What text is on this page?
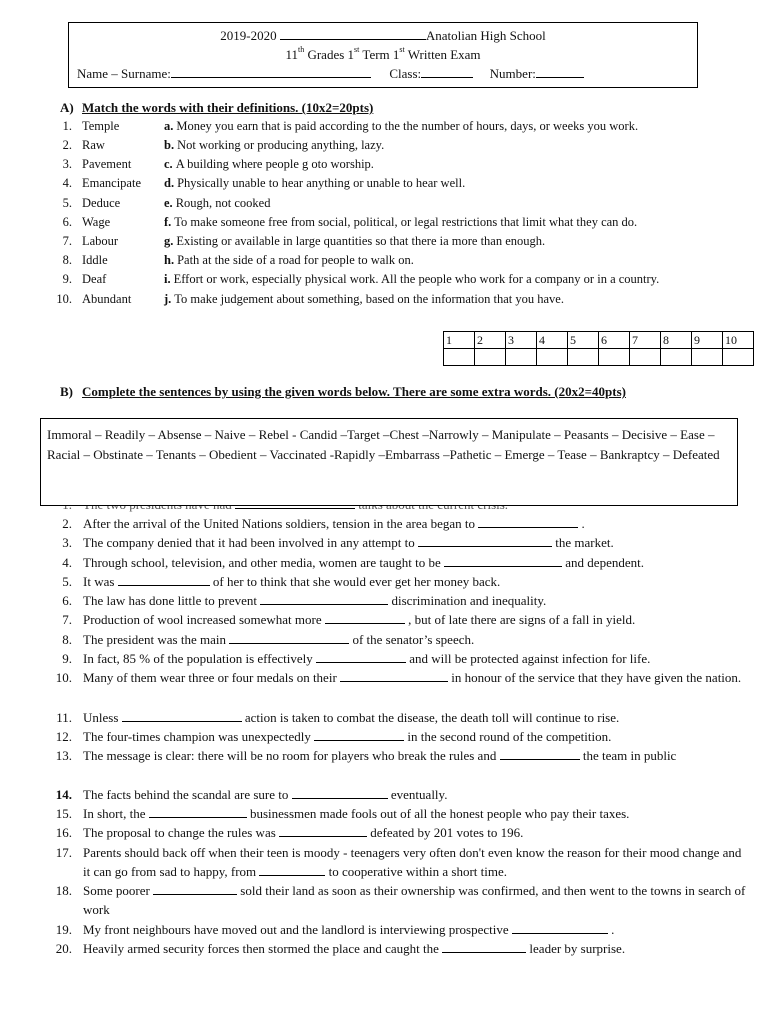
2019-2020	Anatolian High School
11th Grades 1st Term 1st Written Exam
Name – Surname:	Class:	Number:
A) Match the words with their definitions. (10x2=20pts)
1. Temple	a. Money you earn that is paid according to the the number of hours, days, or weeks you work.
2. Raw	b. Not working or producing anything, lazy.
3. Pavement	c. A building where people g oto worship.
4. Emancipate d. Physically unable to hear anything or unable to hear well.
5. Deduce	e. Rough, not cooked
6. Wage	f. To make someone free from social, political, or legal restrictions that limit what they can do.
7. Labour	g. Existing or available in large quantities so that there ia more than enough.
8. Iddle	h. Path at the side of a road for people to walk on.
9. Deaf	i. Effort or work, especially physical work. All the people who work for a company or in a country.
10. Abundant	j. To make judgement about something, based on the information that you have.
1	2	3	4	5	6	7	8	9	10

B) Complete the sentences by using the given words below. There are some extra words. (20x2=40pts)
Immoral – Readily – Absense – Naive – Rebel - Candid –Target –Chest –Narrowly – Manipulate – Peasants – Decisive – Ease – Racial – Obstinate – Tenants – Obedient – Vaccinated -Rapidly –Embarrass –Pathetic – Emerge – Tease – Bankraptcy – Defeated
2. After the arrival of the United Nations soldiers, tension in the area began to	.
3. The company denied that it had been involved in any attempt to	the market.
4. Through school, television, and other media, women are taught to be	and dependent.
5. It was	of her to think that she would ever get her money back.
6. The law has done little to prevent	discrimination and inequality.
7. Production of wool increased somewhat more	, but of late there are signs of a fall in yield.
8. The president was the main	of the senator’s speech.
9. In fact, 85 % of the population is effectively	and will be protected against infection for life.
10. Many of them wear three or four medals on their	in honour of the service that they have given the nation.
11. Unless	action is taken to combat the disease, the death toll will continue to rise.
12. The four-times champion was unexpectedly	in the second round of the competition.
13. The message is clear: there will be no room for players who break the rules and	the team in public
14. The facts behind the scandal are sure to	eventually.
15. In short, the	businessmen made fools out of all the honest people who pay their taxes.
16. The proposal to change the rules was	defeated by 201 votes to 196.
17. Parents should back off when their teen is moody - teenagers very often don't even know the reason for their mood change and it can go from sad to happy, from	to cooperative within a short time.
18. Some poorer	sold their land as soon as their ownership was confirmed, and then went to the towns in search of work
19. My front neighbours have moved out and the landlord is interviewing prospective	.
20. Heavily armed security forces then stormed the place and caught the	leader by surprise.
